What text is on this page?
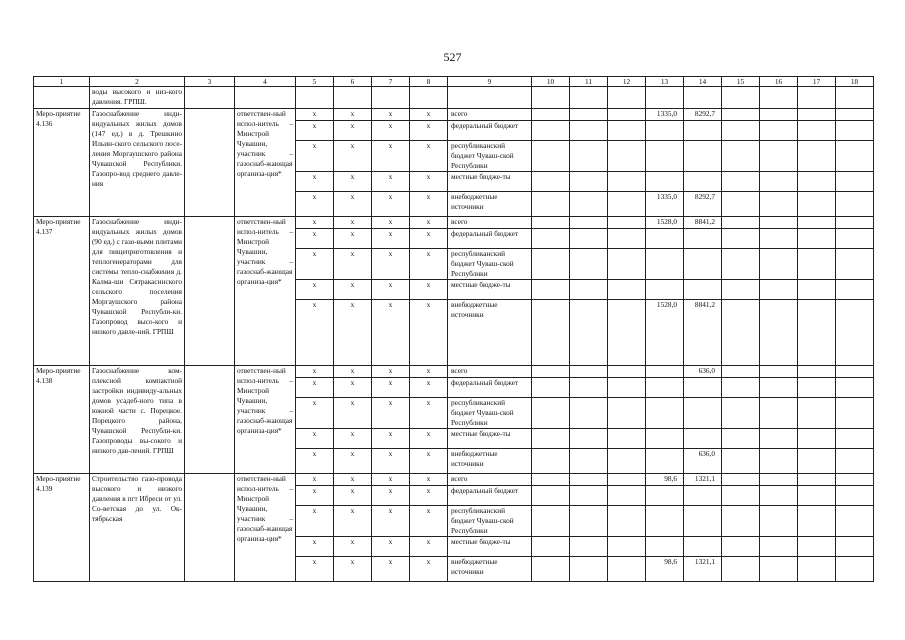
527
1	2	3	4	5	6	7	8	9	10	11	12	13	14	15	16	17	18
	воды высокого и низ-кого давления. ГРПШ.																
Меро-приятие 4.136	Газоснабжение инди-видуальных жилых домов (147 ед.) в д. Трешкино Ильин-ского сельского посе-ления Моргаушского района Чувашской Республики. Газопро-вод среднего давле-ния		ответствен-ный испол-нитель – Минстрой Чувашии, участник – газоснаб-жающая организа-ция*	х	х	х	х	всего				1335,0	8292,7				
				х	х	х	х	федеральный бюджет									
				х	х	х	х	республиканский бюджет Чуваш-ской Республики									
				х	х	х	х	местные бюдже-ты									
				х	х	х	х	внебюджетные источники				1335,0	8292,7				
Меро-приятие 4.137	Газоснабжение инди-видуальных жилых домов (90 ед.) с газо-выми плитами для пищеприготовления и теплогенераторами для системы тепло-снабжения д. Калма-ши Сятракасинского сельского поселения Моргаушского района Чувашской Республи-ки. Газопровод высо-кого и низкого давле-ний. ГРПШ		ответствен-ный испол-нитель – Минстрой Чувашии, участник – газоснаб-жающая организа-ция*	х	х	х	х	всего				1528,0	8841,2				
				х	х	х	х	федеральный бюджет									
				х	х	х	х	республиканский бюджет Чуваш-ской Республики									
				х	х	х	х	местные бюдже-ты									
				х	х	х	х	внебюджетные источники				1528,0	8841,2				
Меро-приятие 4.138	Газоснабжение ком-плексной компактной застройки индивиду-альных домов усадеб-ного типа в южной части с. Порецкое. Порецкого района, Чувашской Республи-ки. Газопроводы вы-сокого и низкого дав-лений. ГРПШ		ответствен-ный испол-нитель – Минстрой Чувашии, участник – газоснаб-жающая организа-ция*	х	х	х	х	всего					636,0				
				х	х	х	х	федеральный бюджет									
				х	х	х	х	республиканский бюджет Чуваш-ской Республики									
				х	х	х	х	местные бюдже-ты									
				х	х	х	х	внебюджетные источники					636,0				
Меро-приятие 4.139	Строительство газо-провода высокого и низкого давления в пгт Ибреси от ул. Со-ветская до ул. Ок-тябрьская		ответствен-ный испол-нитель – Минстрой Чувашии, участник – газоснаб-жающая организа-ция*	х	х	х	х	всего				98,6	1321,1				
				х	х	х	х	федеральный бюджет									
				х	х	х	х	республиканский бюджет Чуваш-ской Республики									
				х	х	х	х	местные бюдже-ты									
				х	х	х	х	внебюджетные источники				98,6	1321,1				
